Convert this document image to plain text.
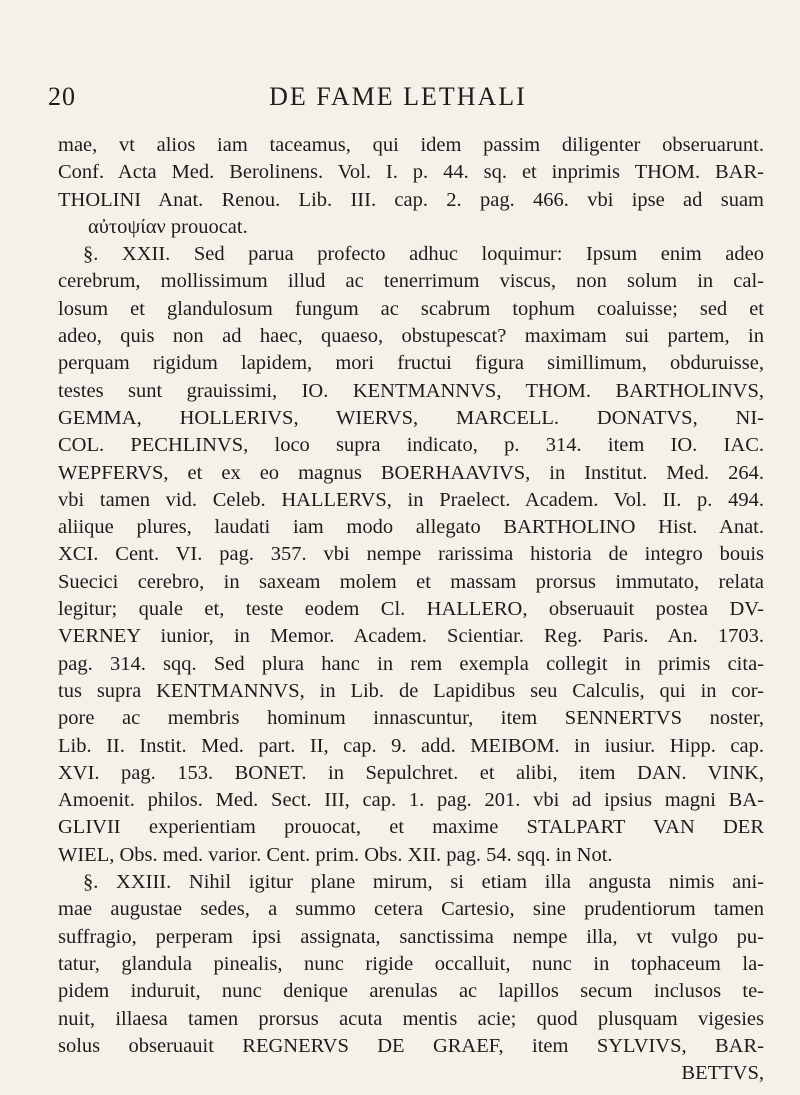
20	DE FAME LETHALI
mae, vt alios iam taceamus, qui idem passim diligenter obseruarunt.
Conf. Acta Med. Berolinens. Vol. I. p. 44. sq. et inprimis THOM. BAR-
THOLINI Anat. Renou. Lib. III. cap. 2. pag. 466. vbi ipse ad suam
αὐτοψίαν prouocat.
§. XXII. Sed parua profecto adhuc loquimur: Ipsum enim adeo
cerebrum, mollissimum illud ac tenerrimum viscus, non solum in cal-
losum et glandulosum fungum ac scabrum tophum coaluisse; sed et
adeo, quis non ad haec, quaeso, obstupescat? maximam sui partem, in
perquam rigidum lapidem, mori fructui figura simillimum, obduruisse,
testes sunt grauissimi, IO. KENTMANNVS, THOM. BARTHOLINVS,
GEMMA, HOLLERIVS, WIERVS, MARCELL. DONATVS, NI-
COL. PECHLINVS, loco supra indicato, p. 314. item IO. IAC.
WEPFERVS, et ex eo magnus BOERHAAVIVS, in Institut. Med. 264.
vbi tamen vid. Celeb. HALLERVS, in Praelect. Academ. Vol. II. p. 494.
aliique plures, laudati iam modo allegato BARTHOLINO Hist. Anat.
XCI. Cent. VI. pag. 357. vbi nempe rarissima historia de integro bouis
Suecici cerebro, in saxeam molem et massam prorsus immutato, relata
legitur; quale et, teste eodem Cl. HALLERO, obseruauit postea DV-
VERNEY iunior, in Memor. Academ. Scientiar. Reg. Paris. An. 1703.
pag. 314. sqq. Sed plura hanc in rem exempla collegit in primis cita-
tus supra KENTMANNVS, in Lib. de Lapidibus seu Calculis, qui in cor-
pore ac membris hominum innascuntur, item SENNERTVS noster,
Lib. II. Instit. Med. part. II, cap. 9. add. MEIBOM. in iusiur. Hipp. cap.
XVI. pag. 153. BONET. in Sepulchret. et alibi, item DAN. VINK,
Amoenit. philos. Med. Sect. III, cap. 1. pag. 201. vbi ad ipsius magni BA-
GLIVII experientiam prouocat, et maxime STALPART VAN DER
WIEL, Obs. med. varior. Cent. prim. Obs. XII. pag. 54. sqq. in Not.
§. XXIII. Nihil igitur plane mirum, si etiam illa angusta nimis ani-
mae augustae sedes, a summo cetera Cartesio, sine prudentiorum tamen
suffragio, perperam ipsi assignata, sanctissima nempe illa, vt vulgo pu-
tatur, glandula pinealis, nunc rigide occalluit, nunc in tophaceum la-
pidem induruit, nunc denique arenulas ac lapillos secum inclusos te-
nuit, illaesa tamen prorsus acuta mentis acie; quod plusquam vigesies
solus obseruauit REGNERVS DE GRAEF, item SYLVIVS, BAR-
BETTVS,
